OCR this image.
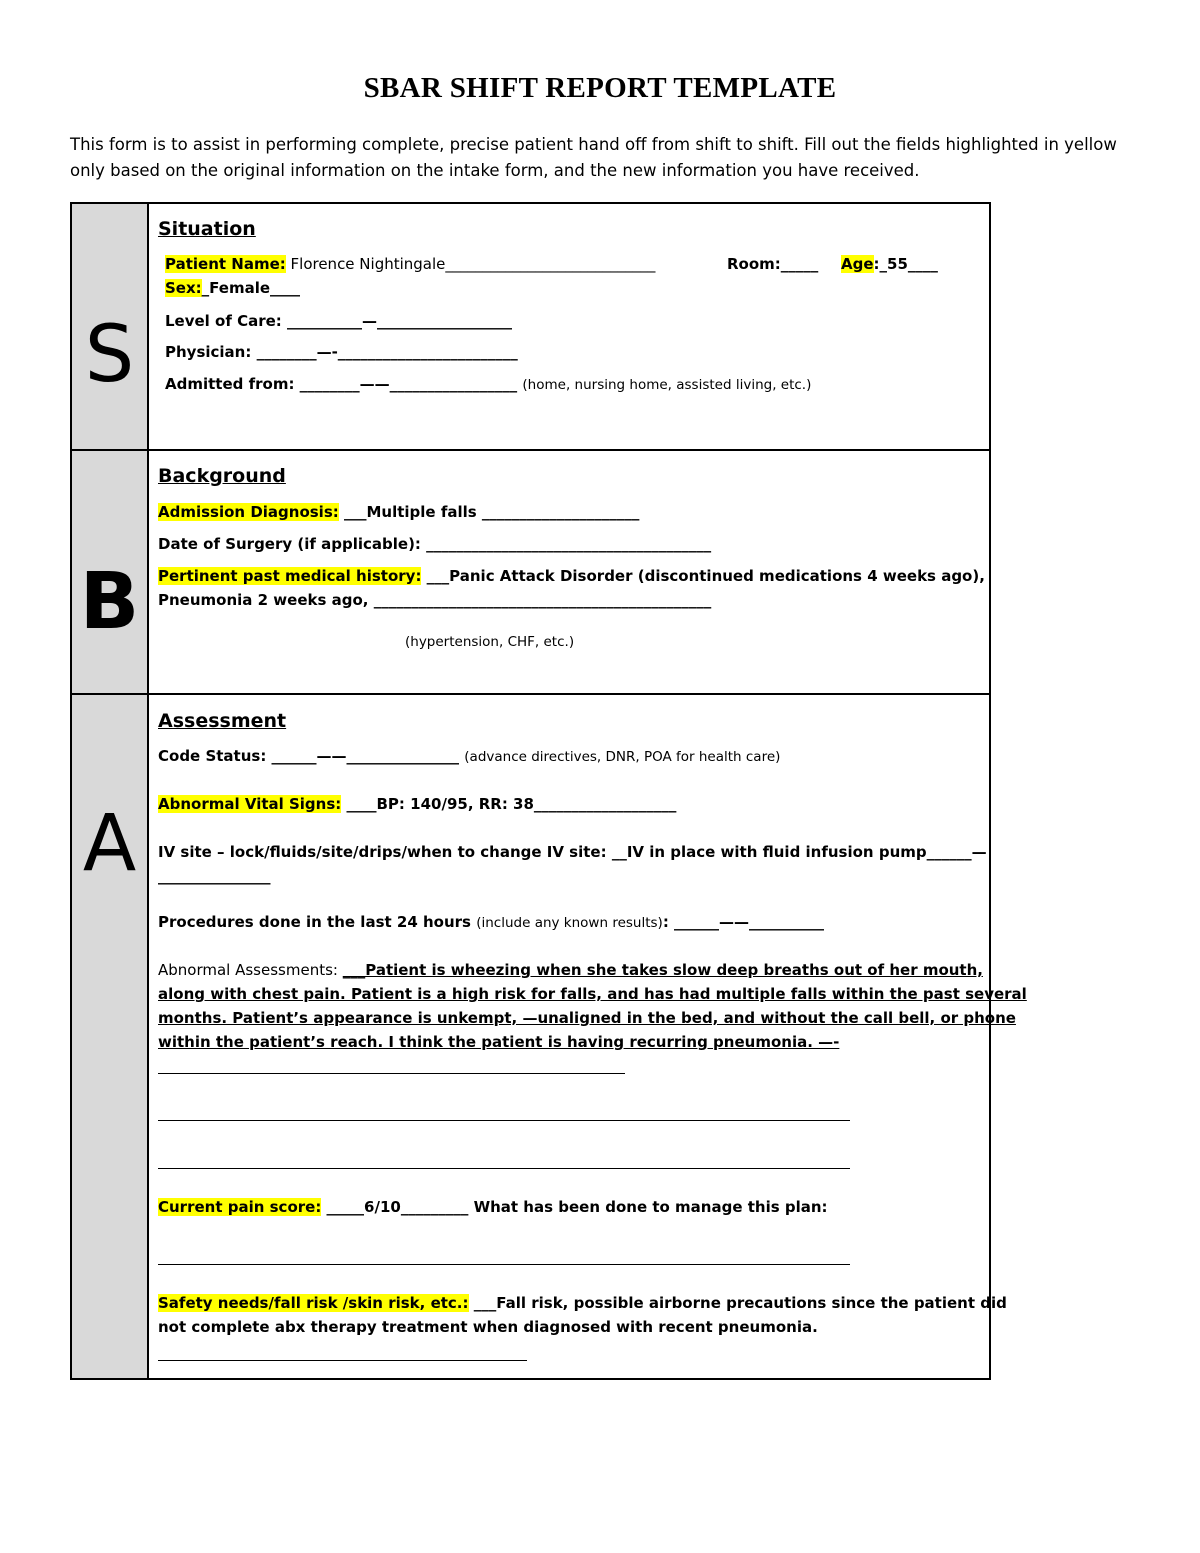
SBAR SHIFT REPORT TEMPLATE
This form is to assist in performing complete, precise patient hand off from shift to shift. Fill out the fields highlighted in yellow only based on the original information on the intake form, and the new information you have received.
S
Situation
Patient Name: Florence Nightingale____________________________	Room:_____ Age:_55____
Sex:_Female____
Level of Care: __________—__________________
Physician: ________—-________________________
Admitted from: ________——_________________ (home, nursing home, assisted living, etc.)
B
Background
Admission Diagnosis: ___Multiple falls _____________________
Date of Surgery (if applicable): ______________________________________
Pertinent past medical history: ___Panic Attack Disorder (discontinued medications 4 weeks ago),
Pneumonia 2 weeks ago, _____________________________________________
(hypertension, CHF, etc.)
A
Assessment
Code Status: ______——_______________ (advance directives, DNR, POA for health care)
Abnormal Vital Signs: ____BP: 140/95, RR: 38___________________
IV site – lock/fluids/site/drips/when to change IV site: __IV in place with fluid infusion pump______—
_______________
Procedures done in the last 24 hours (include any known results): ______——__________
Abnormal Assessments: ___Patient is wheezing when she takes slow deep breaths out of her mouth,
along with chest pain. Patient is a high risk for falls, and has had multiple falls within the past several
months. Patient’s appearance is unkempt, —unaligned in the bed, and without the call bell, or phone
within the patient’s reach. I think the patient is having recurring pneumonia. —-
Current pain score: _____6/10_________ What has been done to manage this plan:
Safety needs/fall risk /skin risk, etc.: ___Fall risk, possible airborne precautions since the patient did
not complete abx therapy treatment when diagnosed with recent pneumonia.
